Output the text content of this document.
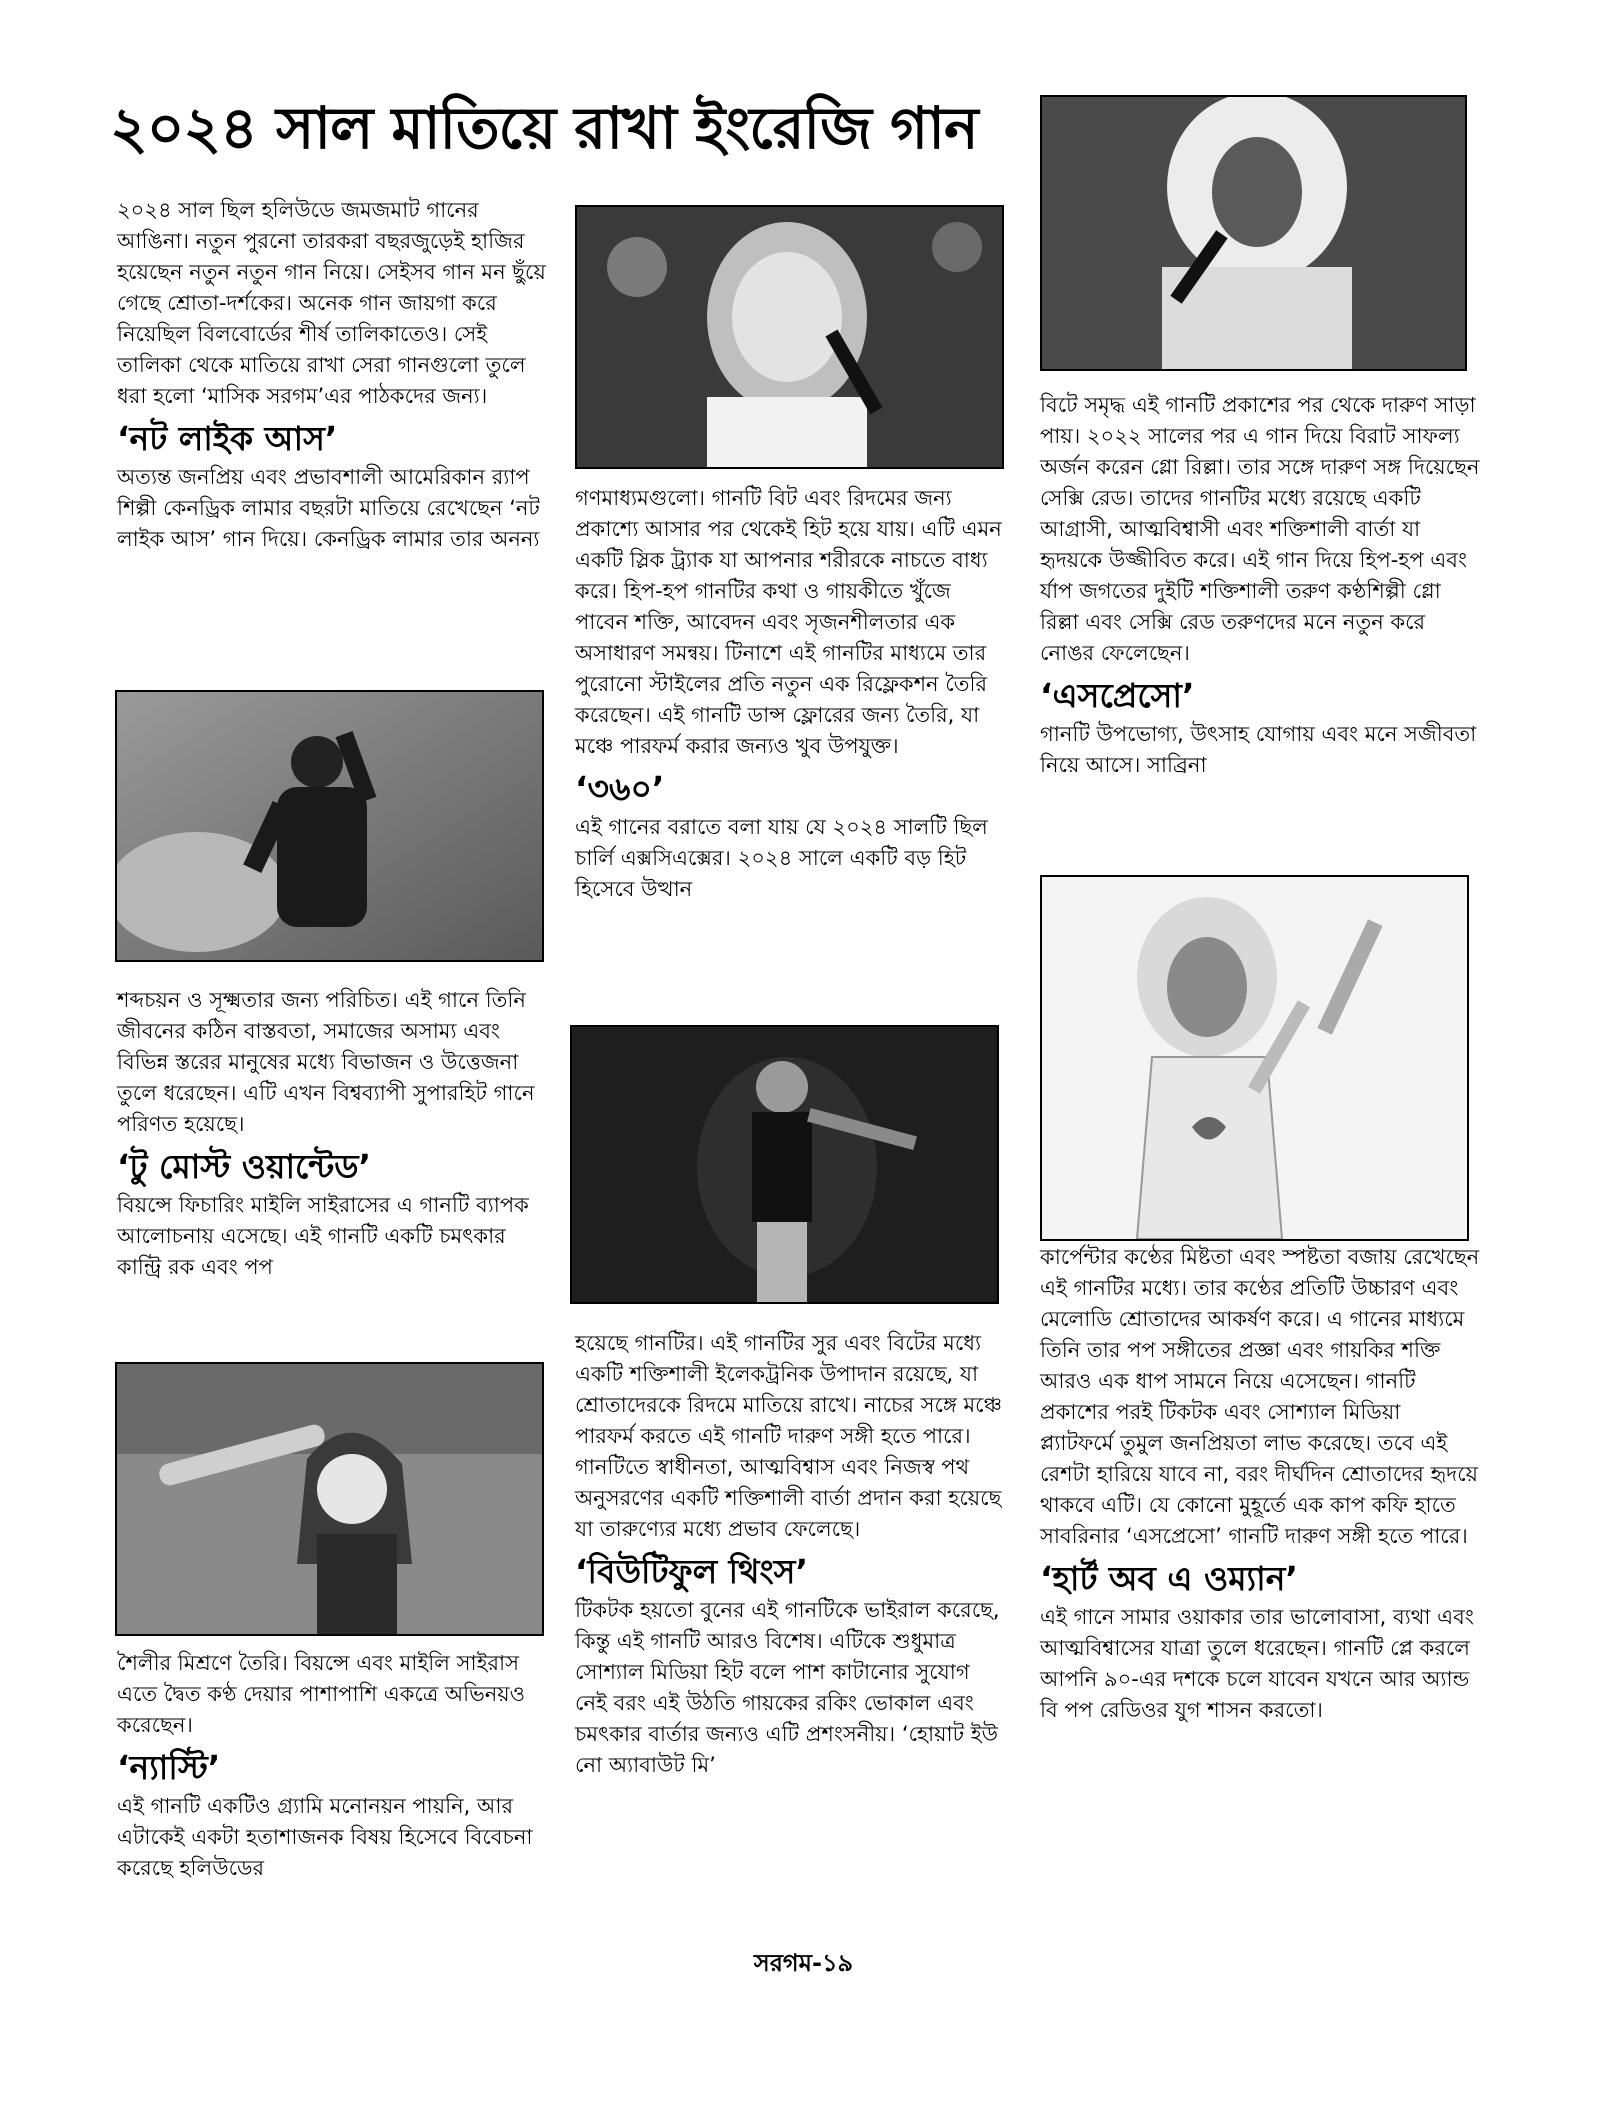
২০২৪ সাল মাতিয়ে রাখা ইংরেজি গান

২০২৪ সাল ছিল হলিউডে জমজমাট গানের আঙিনা। নতুন পুরনো তারকরা বছরজুড়েই হাজির হয়েছেন নতুন নতুন গান নিয়ে। সেইসব গান মন ছুঁয়ে গেছে শ্রোতা-দর্শকের। অনেক গান জায়গা করে নিয়েছিল বিলবোর্ডের শীর্ষ তালিকাতেও। সেই তালিকা থেকে মাতিয়ে রাখা সেরা গানগুলো তুলে ধরা হলো ‘মাসিক সরগম’এর পাঠকদের জন্য।

‘নট লাইক আস’

অত্যন্ত জনপ্রিয় এবং প্রভাবশালী আমেরিকান র‍্যাপ শিল্পী কেনড্রিক লামার বছরটা মাতিয়ে রেখেছেন ‘নট লাইক আস’ গান দিয়ে। কেনড্রিক লামার তার অনন্য

শব্দচয়ন ও সূক্ষ্মতার জন্য পরিচিত। এই গানে তিনি জীবনের কঠিন বাস্তবতা, সমাজের অসাম্য এবং বিভিন্ন স্তরের মানুষের মধ্যে বিভাজন ও উত্তেজনা তুলে ধরেছেন। এটি এখন বিশ্বব্যাপী সুপারহিট গানে পরিণত হয়েছে।

‘টু মোস্ট ওয়ান্টেড’

বিয়ন্সে ফিচারিং মাইলি সাইরাসের এ গানটি ব্যাপক আলোচনায় এসেছে। এই গানটি একটি চমৎকার কান্ট্রি রক এবং পপ

শৈলীর মিশ্রণে তৈরি। বিয়ন্সে এবং মাইলি সাইরাস এতে দ্বৈত কণ্ঠ দেয়ার পাশাপাশি একত্রে অভিনয়ও করেছেন।

‘ন্যাস্টি’

এই গানটি একটিও গ্র্যামি মনোনয়ন পায়নি, আর এটাকেই একটা হতাশাজনক বিষয় হিসেবে বিবেচনা করেছে হলিউডের

গণমাধ্যমগুলো। গানটি বিট এবং রিদমের জন্য প্রকাশ্যে আসার পর থেকেই হিট হয়ে যায়। এটি এমন একটি স্লিক ট্র্যাক যা আপনার শরীরকে নাচতে বাধ্য করে। হিপ-হপ গানটির কথা ও গায়কীতে খুঁজে পাবেন শক্তি, আবেদন এবং সৃজনশীলতার এক অসাধারণ সমন্বয়। টিনাশে এই গানটির মাধ্যমে তার পুরোনো স্টাইলের প্রতি নতুন এক রিফ্লেকশন তৈরি করেছেন। এই গানটি ডান্স ফ্লোরের জন্য তৈরি, যা মঞ্চে পারফর্ম করার জন্যও খুব উপযুক্ত।

‘৩৬০’

এই গানের বরাতে বলা যায় যে ২০২৪ সালটি ছিল চার্লি এক্সসিএক্সের। ২০২৪ সালে একটি বড় হিট হিসেবে উত্থান

হয়েছে গানটির। এই গানটির সুর এবং বিটের মধ্যে একটি শক্তিশালী ইলেকট্রনিক উপাদান রয়েছে, যা শ্রোতাদেরকে রিদমে মাতিয়ে রাখে। নাচের সঙ্গে মঞ্চে পারফর্ম করতে এই গানটি দারুণ সঙ্গী হতে পারে। গানটিতে স্বাধীনতা, আত্মবিশ্বাস এবং নিজস্ব পথ অনুসরণের একটি শক্তিশালী বার্তা প্রদান করা হয়েছে যা তারুণ্যের মধ্যে প্রভাব ফেলেছে।

‘বিউটিফুল থিংস’

টিকটক হয়তো বুনের এই গানটিকে ভাইরাল করেছে, কিন্তু এই গানটি আরও বিশেষ। এটিকে শুধুমাত্র সোশ্যাল মিডিয়া হিট বলে পাশ কাটানোর সুযোগ নেই বরং এই উঠতি গায়কের রকিং ভোকাল এবং চমৎকার বার্তার জন্যও এটি প্রশংসনীয়। ‘হোয়াট ইউ নো অ্যাবাউট মি’

বিটে সমৃদ্ধ এই গানটি প্রকাশের পর থেকে দারুণ সাড়া পায়। ২০২২ সালের পর এ গান দিয়ে বিরাট সাফল্য অর্জন করেন গ্লো রিল্লা। তার সঙ্গে দারুণ সঙ্গ দিয়েছেন সেক্সি রেড। তাদের গানটির মধ্যে রয়েছে একটি আগ্রাসী, আত্মবিশ্বাসী এবং শক্তিশালী বার্তা যা হৃদয়কে উজ্জীবিত করে। এই গান দিয়ে হিপ-হপ এবং র্যাপ জগতের দুইটি শক্তিশালী তরুণ কণ্ঠশিল্পী গ্লো রিল্লা এবং সেক্সি রেড তরুণদের মনে নতুন করে নোঙর ফেলেছেন।

‘এসপ্রেসো’

গানটি উপভোগ্য, উৎসাহ যোগায় এবং মনে সজীবতা নিয়ে আসে। সাব্রিনা

কার্পেন্টার কণ্ঠের মিষ্টতা এবং স্পষ্টতা বজায় রেখেছেন এই গানটির মধ্যে। তার কণ্ঠের প্রতিটি উচ্চারণ এবং মেলোডি শ্রোতাদের আকর্ষণ করে। এ গানের মাধ্যমে তিনি তার পপ সঙ্গীতের প্রজ্ঞা এবং গায়কির শক্তি আরও এক ধাপ সামনে নিয়ে এসেছেন। গানটি প্রকাশের পরই টিকটক এবং সোশ্যাল মিডিয়া প্ল্যাটফর্মে তুমুল জনপ্রিয়তা লাভ করেছে। তবে এই রেশটা হারিয়ে যাবে না, বরং দীর্ঘদিন শ্রোতাদের হৃদয়ে থাকবে এটি। যে কোনো মুহূর্তে এক কাপ কফি হাতে সাবরিনার ‘এসপ্রেসো’ গানটি দারুণ সঙ্গী হতে পারে।

‘হার্ট অব এ ওম্যান’

এই গানে সামার ওয়াকার তার ভালোবাসা, ব্যথা এবং আত্মবিশ্বাসের যাত্রা তুলে ধরেছেন। গানটি প্লে করলে আপনি ৯০-এর দশকে চলে যাবেন যখনে আর অ্যান্ড বি পপ রেডিওর যুগ শাসন করতো।

সরগম-১৯
